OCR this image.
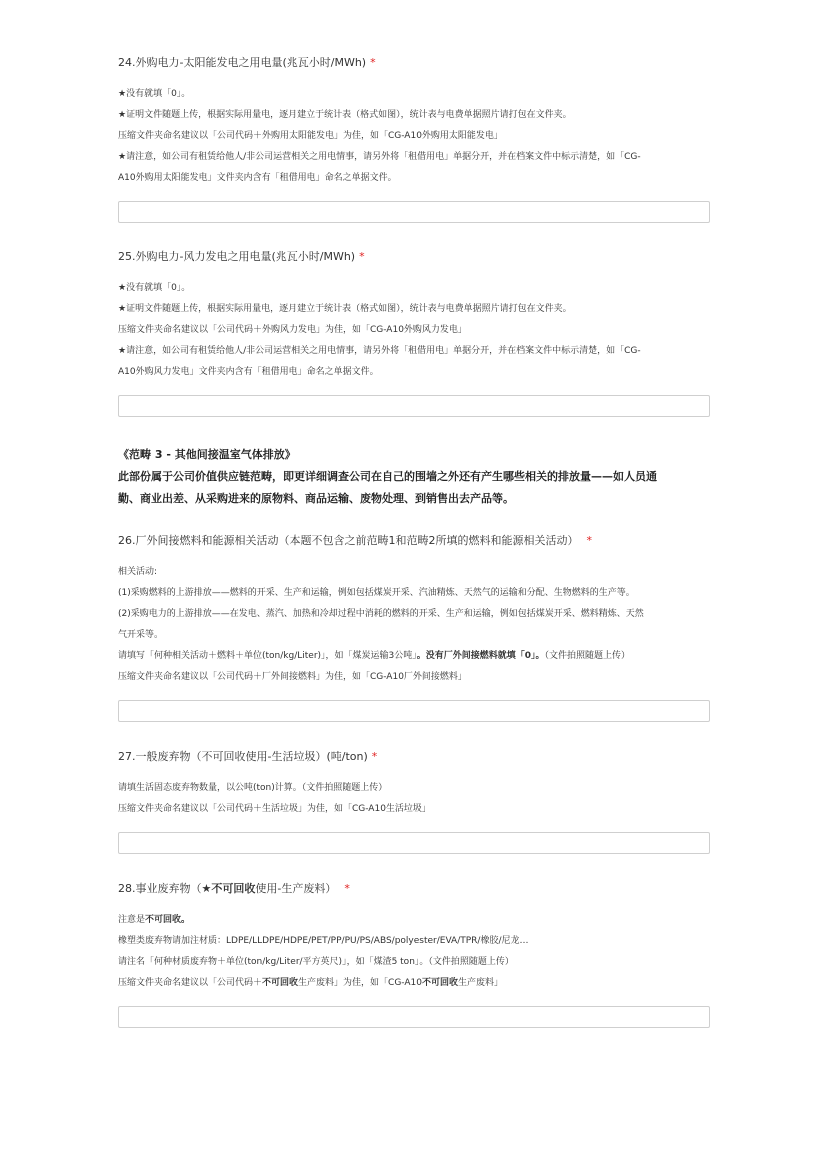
24.外购电力-太阳能发电之用电量(兆瓦小时/MWh) *
★没有就填「0」。
★证明文件随题上传，根据实际用量电，逐月建立于统计表（格式如图），统计表与电费单据照片请打包在文件夹。
压缩文件夹命名建议以「公司代码＋外购用太阳能发电」为佳，如「CG-A10外购用太阳能发电」
★请注意，如公司有租赁给他人/非公司运营相关之用电情事，请另外将「租借用电」单据分开，并在档案文件中标示清楚，如「CG-
A10外购用太阳能发电」文件夹内含有「租借用电」命名之单据文件。
25.外购电力-风力发电之用电量(兆瓦小时/MWh) *
★没有就填「0」。
★证明文件随题上传，根据实际用量电，逐月建立于统计表（格式如图），统计表与电费单据照片请打包在文件夹。
压缩文件夹命名建议以「公司代码＋外购风力发电」为佳，如「CG-A10外购风力发电」
★请注意，如公司有租赁给他人/非公司运营相关之用电情事，请另外将「租借用电」单据分开，并在档案文件中标示清楚，如「CG-
A10外购风力发电」文件夹内含有「租借用电」命名之单据文件。
《范畴 3 - 其他间接温室气体排放》
此部份属于公司价值供应链范畴，即更详细调查公司在自己的围墙之外还有产生哪些相关的排放量——如人员通
勤、商业出差、从采购进来的原物料、商品运输、废物处理、到销售出去产品等。
26.厂外间接燃料和能源相关活动（本题不包含之前范畴1和范畴2所填的燃料和能源相关活动） *
相关活动:
(1)采购燃料的上游排放——燃料的开采、生产和运输，例如包括煤炭开采、汽油精炼、天然气的运输和分配、生物燃料的生产等。
(2)采购电力的上游排放——在发电、蒸汽、加热和冷却过程中消耗的燃料的开采、生产和运输，例如包括煤炭开采、燃料精炼、天然
气开采等。
请填写「何种相关活动＋燃料＋单位(ton/kg/Liter)」，如「煤炭运输3公吨」。没有厂外间接燃料就填「0」。（文件拍照随题上传）
压缩文件夹命名建议以「公司代码＋厂外间接燃料」为佳，如「CG-A10厂外间接燃料」
27.一般废弃物（不可回收使用-生活垃圾）(吨/ton) *
请填生活固态废弃物数量，以公吨(ton)计算。（文件拍照随题上传）
压缩文件夹命名建议以「公司代码＋生活垃圾」为佳，如「CG-A10生活垃圾」
28.事业废弃物（★不可回收使用-生产废料） *
注意是不可回收。
橡塑类废弃物请加注材质：LDPE/LLDPE/HDPE/PET/PP/PU/PS/ABS/polyester/EVA/TPR/橡胶/尼龙…
请注名「何种材质废弃物＋单位(ton/kg/Liter/平方英尺)」，如「煤渣5 ton」。（文件拍照随题上传）
压缩文件夹命名建议以「公司代码＋不可回收生产废料」为佳，如「CG-A10不可回收生产废料」
